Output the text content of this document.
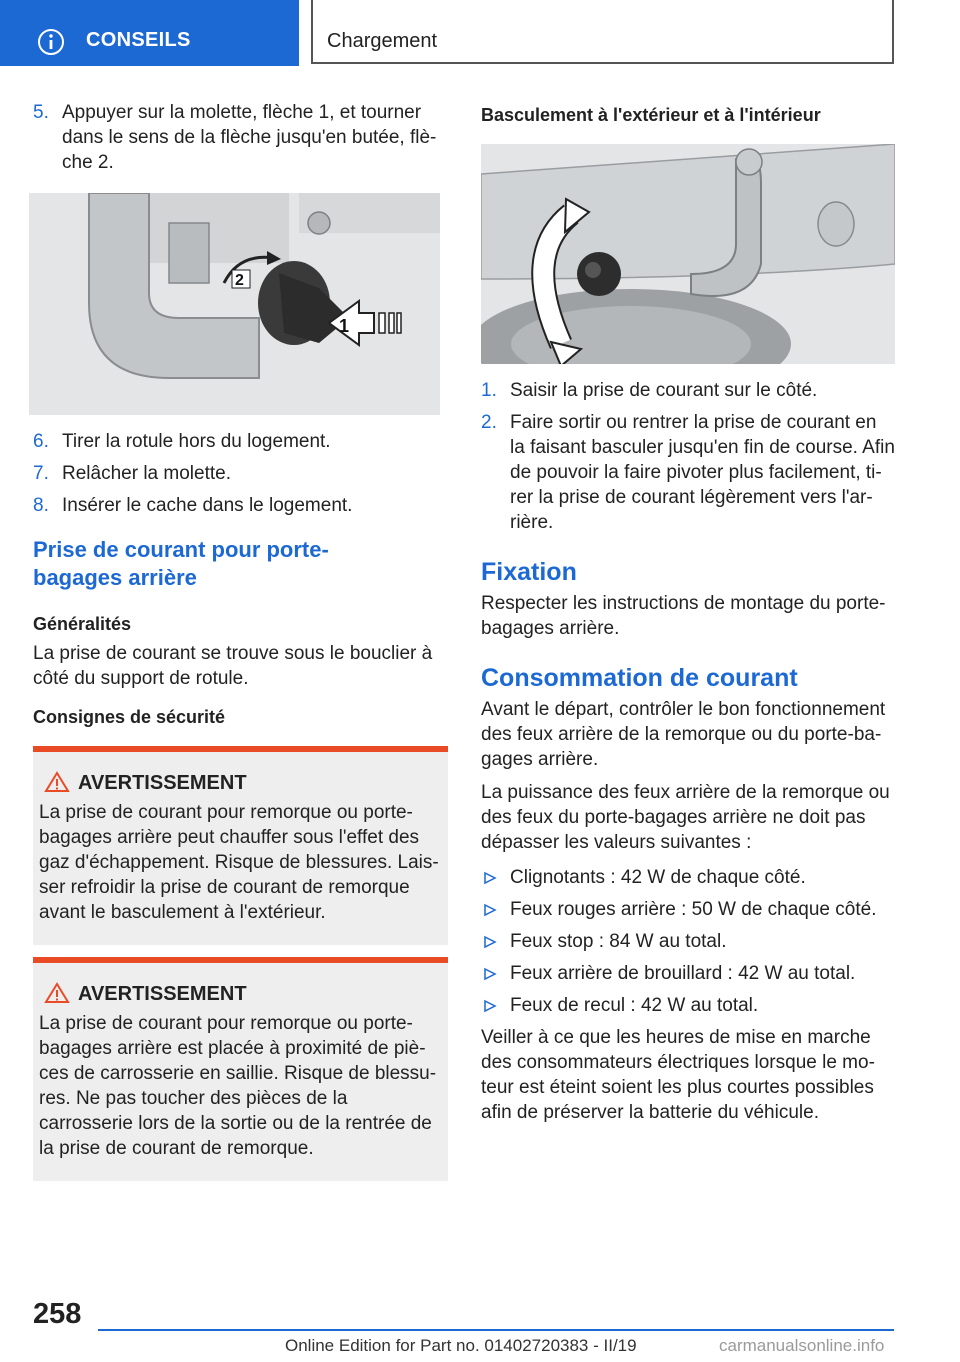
CONSEILS	Chargement
5. Appuyer sur la molette, flèche 1, et tourner dans le sens de la flèche jusqu'en butée, flè‐che 2.
1
2
6. Tirer la rotule hors du logement.
7. Relâcher la molette.
8. Insérer le cache dans le logement.
Prise de courant pour porte-bagages arrière
Généralités
La prise de courant se trouve sous le bouclier à côté du support de rotule.
Consignes de sécurité
AVERTISSEMENT
La prise de courant pour remorque ou porte-bagages arrière peut chauffer sous l'effet des gaz d'échappement. Risque de blessures. Lais‐ser refroidir la prise de courant de remorque avant le basculement à l'extérieur.
AVERTISSEMENT
La prise de courant pour remorque ou porte-bagages arrière est placée à proximité de piè‐ces de carrosserie en saillie. Risque de blessu‐res. Ne pas toucher des pièces de la carrosserie lors de la sortie ou de la rentrée de la prise de courant de remorque.
Basculement à l'extérieur et à l'intérieur
1. Saisir la prise de courant sur le côté.
2. Faire sortir ou rentrer la prise de courant en la faisant basculer jusqu'en fin de course. Afin de pouvoir la faire pivoter plus facilement, ti‐rer la prise de courant légèrement vers l'ar‐rière.
Fixation
Respecter les instructions de montage du porte-bagages arrière.
Consommation de courant
Avant le départ, contrôler le bon fonctionnement des feux arrière de la remorque ou du porte-ba‐gages arrière.
La puissance des feux arrière de la remorque ou des feux du porte-bagages arrière ne doit pas dépasser les valeurs suivantes :
Clignotants : 42 W de chaque côté.
Feux rouges arrière : 50 W de chaque côté.
Feux stop : 84 W au total.
Feux arrière de brouillard : 42 W au total.
Feux de recul : 42 W au total.
Veiller à ce que les heures de mise en marche des consommateurs électriques lorsque le mo‐teur est éteint soient les plus courtes possibles afin de préserver la batterie du véhicule.
258
Online Edition for Part no. 01402720383 - II/19	carmanualsonline.info
